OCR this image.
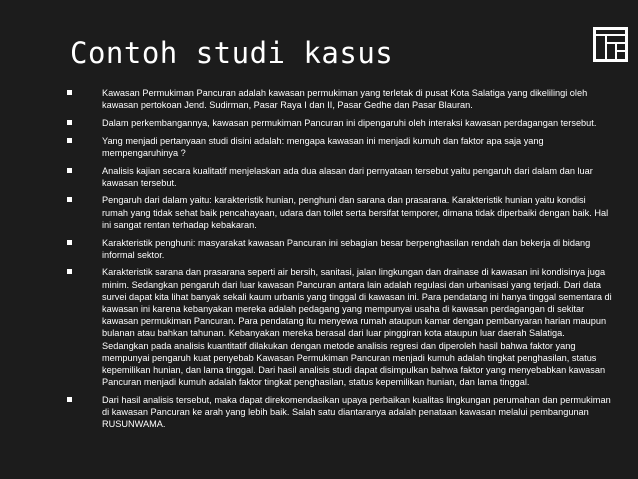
Contoh studi kasus
Kawasan Permukiman Pancuran adalah kawasan permukiman yang terletak di pusat Kota Salatiga yang dikelilingi oleh kawasan pertokoan Jend. Sudirman, Pasar Raya I dan II, Pasar Gedhe dan Pasar Blauran.
Dalam perkembangannya, kawasan permukiman Pancuran ini dipengaruhi oleh interaksi kawasan perdagangan tersebut.
Yang menjadi pertanyaan studi disini adalah: mengapa kawasan ini menjadi kumuh dan faktor apa saja yang mempengaruhinya ?
Analisis kajian secara kualitatif menjelaskan ada dua alasan dari pernyataan tersebut yaitu pengaruh dari dalam dan luar kawasan tersebut.
Pengaruh dari dalam yaitu: karakteristik hunian, penghuni dan sarana dan prasarana. Karakteristik hunian yaitu kondisi rumah yang tidak sehat baik pencahayaan, udara dan toilet serta bersifat temporer, dimana tidak diperbaiki dengan baik. Hal ini sangat rentan terhadap kebakaran.
Karakteristik penghuni: masyarakat kawasan Pancuran ini sebagian besar berpenghasilan rendah dan bekerja di bidang informal sektor.
Karakteristik sarana dan prasarana seperti air bersih, sanitasi, jalan lingkungan dan drainase di kawasan ini kondisinya juga minim. Sedangkan pengaruh dari luar kawasan Pancuran antara lain adalah regulasi dan urbanisasi yang terjadi. Dari data survei dapat kita lihat banyak sekali kaum urbanis yang tinggal di kawasan ini. Para pendatang ini hanya tinggal sementara di kawasan ini karena kebanyakan mereka adalah pedagang yang mempunyai usaha di kawasan perdagangan di sekitar kawasan permukiman Pancuran. Para pendatang itu menyewa rumah ataupun kamar dengan pembanyaran harian maupun bulanan atau bahkan tahunan. Kebanyakan mereka berasal dari luar pinggiran kota ataupun luar daerah Salatiga. Sedangkan pada analisis kuantitatif dilakukan dengan metode analisis regresi dan diperoleh hasil bahwa faktor yang mempunyai pengaruh kuat penyebab Kawasan Permukiman Pancuran menjadi kumuh adalah tingkat penghasilan, status kepemilikan hunian, dan lama tinggal. Dari hasil analisis studi dapat disimpulkan bahwa faktor yang menyebabkan kawasan Pancuran menjadi kumuh adalah faktor tingkat penghasilan, status kepemilikan hunian, dan lama tinggal.
Dari hasil analisis tersebut, maka dapat direkomendasikan upaya perbaikan kualitas lingkungan perumahan dan permukiman di kawasan Pancuran ke arah yang lebih baik. Salah satu diantaranya adalah penataan kawasan melalui pembangunan RUSUNWAMA.
